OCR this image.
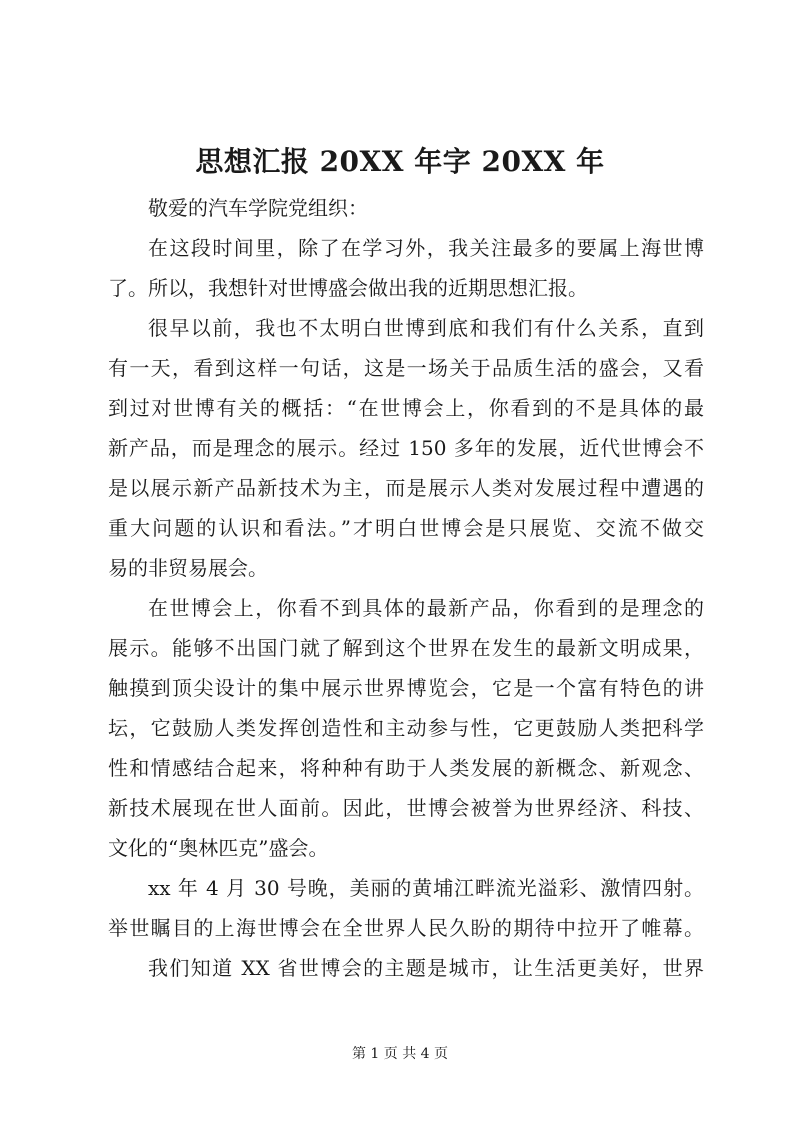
思想汇报 20XX 年字 20XX 年
敬爱的汽车学院党组织：
在这段时间里，除了在学习外，我关注最多的要属上海世博
了。所以，我想针对世博盛会做出我的近期思想汇报。
很早以前，我也不太明白世博到底和我们有什么关系，直到
有一天，看到这样一句话，这是一场关于品质生活的盛会，又看
到过对世博有关的概括：“在世博会上，你看到的不是具体的最
新产品，而是理念的展示。经过 150 多年的发展，近代世博会不
是以展示新产品新技术为主，而是展示人类对发展过程中遭遇的
重大问题的认识和看法。”才明白世博会是只展览、交流不做交
易的非贸易展会。
在世博会上，你看不到具体的最新产品，你看到的是理念的
展示。能够不出国门就了解到这个世界在发生的最新文明成果，
触摸到顶尖设计的集中展示世界博览会，它是一个富有特色的讲
坛，它鼓励人类发挥创造性和主动参与性，它更鼓励人类把科学
性和情感结合起来，将种种有助于人类发展的新概念、新观念、
新技术展现在世人面前。因此，世博会被誉为世界经济、科技、
文化的“奥林匹克”盛会。
xx 年 4 月 30 号晚，美丽的黄埔江畔流光溢彩、激情四射。
举世瞩目的上海世博会在全世界人民久盼的期待中拉开了帷幕。
我们知道 XX 省世博会的主题是城市，让生活更美好，世界
第 1 页 共 4 页
